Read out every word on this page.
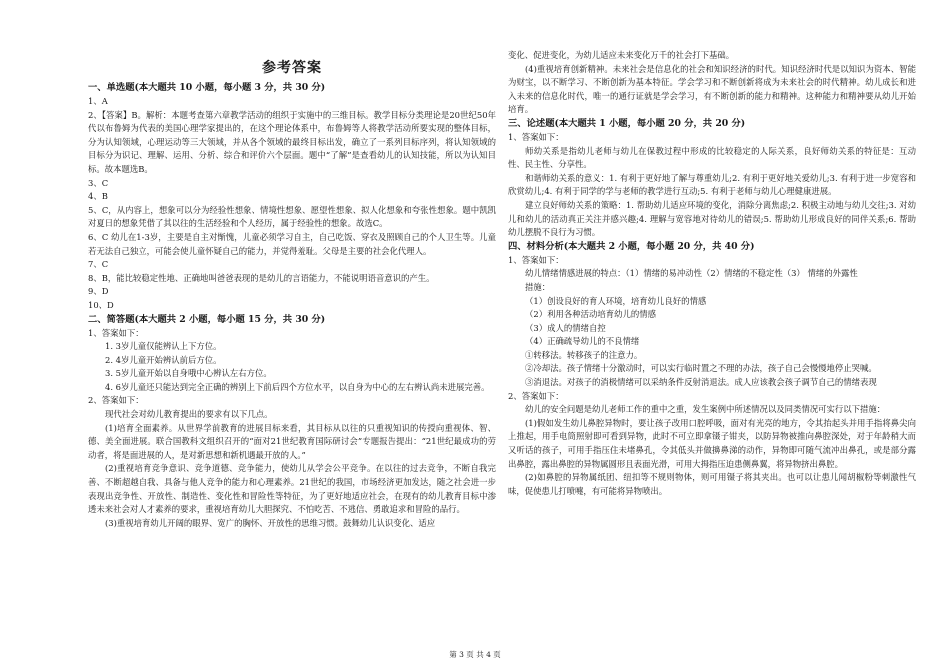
参考答案
一、单选题(本大题共 10 小题，每小题 3 分，共 30 分)
1、A
2、【答案】B。解析：本题考查第六章教学活动的组织于实施中的三维目标。教学目标分类理论是20世纪50年代以布鲁姆为代表的美国心理学家提出的，在这个理论体系中，布鲁姆等人将教学活动所要实现的整体目标，分为认知领域，心理运动等三大领域，并从各个领域的最终目标出发，确立了一系列目标序列，将认知领域的目标分为识记、理解、运用、分析、综合和评价六个层面。题中“了解”是查看幼儿的认知技能，所以为认知目标。故本题选B。
3、C
4、B
5、C，从内容上，想象可以分为经验性想象、情境性想象、愿望性想象、拟人化想象和夸张性想象。题中凯凯对夏日的想象凭借了其以往的生活经验和个人经历，属于经验性的想象。故选C。
6、C 幼儿在1-3岁，主要是自主对惭愧，儿童必须学习自主，自己吃饭、穿衣及照顾自己的个人卫生等。儿童若无法自己独立，可能会使儿童怀疑自己的能力，并觉得羞耻。父母是主要的社会化代理人。
7、C
8、B，能比较稳定性地、正确地叫爸爸表现的是幼儿的言语能力，不能说明语音意识的产生。
9、D
10、D
二、简答题(本大题共 2 小题，每小题 15 分，共 30 分)
1、答案如下：
1. 3岁儿童仅能辨认上下方位。
2. 4岁儿童开始辨认前后方位。
3. 5岁儿童开始以自身哦中心辨认左右方位。
4. 6岁儿童还只能达到完全正确的辨别上下前后四个方位水平，以自身为中心的左右辨认尚未进展完善。
2、答案如下：
现代社会对幼儿教育提出的要求有以下几点。
(1)培育全面素养。从世界学前教育的进展目标来看，其目标从以往的只重视知识的传授向重视体、智、德、美全面进展。联合国教科文组织召开的“面对21世纪教育国际研讨会”专题报告提出：“21世纪最成功的劳动者，将是面进展的人，是对新思想和新机遇最开放的人。”
(2)重视培育竞争意识、竞争道德、竞争能力，使幼儿从学会公平竞争。在以往的过去竞争，不断自我完善、不断超越自我、具备与他人竞争的能力和心理素养。21世纪的我国，市场经济更加发达，随之社会进一步表现出竞争性、开放性、制造性、变化性和冒险性等特征，为了更好地适应社会，在现有的幼儿教育目标中渗透未来社会对人才素养的要求，重视培育幼儿大胆探究、不怕吃苦、不逃信、勇敢追求和冒险的品行。
(3)重视培育幼儿开阔的眼界、宽广的胸怀、开放性的思维习惯。鼓舞幼儿认识变化、适应
变化、促进变化，为幼儿适应未来变化万千的社会打下基础。
(4)重视培育创新精神。未来社会是信息化的社会和知识经济的时代。知识经济时代是以知识为资本、智能为财宝，以不断学习、不断创新为基本特征。学会学习和不断创新将成为未来社会的时代精神。幼儿成长和进入未来的信息化时代，唯一的通行证就是学会学习，有不断创新的能力和精神。这种能力和精神要从幼儿开始培育。
三、论述题(本大题共 1 小题，每小题 20 分，共 20 分)
1、答案如下：
师幼关系是指幼儿老师与幼儿在保教过程中形成的比较稳定的人际关系，良好师幼关系的特征是：互动性、民主性、分享性。
和谐师幼关系的意义：1. 有利于更好地了解与尊重幼儿;2. 有利于更好地关爱幼儿;3. 有利于进一步宽容和欣赏幼儿;4. 有利于同学的学与老师的教学进行互动;5. 有利于老师与幼儿心理健康进展。
建立良好师幼关系的策略：1. 帮助幼儿适应环境的变化，消除分离焦虑;2. 积极主动地与幼儿交往;3. 对幼儿和幼儿的活动真正关注并感兴趣;4. 理解与宽容地对待幼儿的错误;5. 帮助幼儿形成良好的同伴关系;6. 帮助幼儿摆脱不良行为习惯。
四、材料分析(本大题共 2 小题，每小题 20 分，共 40 分)
1、答案如下：
幼儿情绪情感进展的特点：（1）情绪的易冲动性（2）情绪的不稳定性（3） 情绪的外露性
措施：
（1）创设良好的育人环境，培育幼儿良好的情感
（2）利用各种活动培育幼儿的情感
（3）成人的情绪自控
（4）正确疏导幼儿的不良情绪
①转移法。转移孩子的注意力。
②冷却法。孩子情绪十分激动时，可以实行临时置之不理的办法，孩子自己会慢慢地停止哭喊。
③消退法。对孩子的消极情绪可以采纳条件反射消退法。成人应该教会孩子调节自己的情绪表现
2、答案如下：
幼儿的安全问题是幼儿老师工作的重中之重，发生案例中所述情况以及同类情况可实行以下措施：
(1)假如发生幼儿鼻腔异物时，要让孩子改用口腔呼吸，面对有光亮的地方，令其抬起头并用手指将鼻尖向上推起，用手电筒照射即可看到异物，此时不可立即拿镊子钳夹，以防异物被推向鼻腔深处，对于年龄稍大而又听话的孩子，可用手指压住未堵鼻孔，令其低头并做擤鼻涕的动作，异物即可随气流冲出鼻孔，或是部分露出鼻腔，露出鼻腔的异物属圆形且表面光滑，可用大拇指压迫患侧鼻翼，将异物挤出鼻腔。
(2)如鼻腔的异物属纸团、纽扣等不规则物体，则可用镊子将其夹出。也可以让患儿闻胡椒粉等刺激性气味，促使患儿打喷嚏，有可能将异物喷出。
第 3 页 共 4 页
